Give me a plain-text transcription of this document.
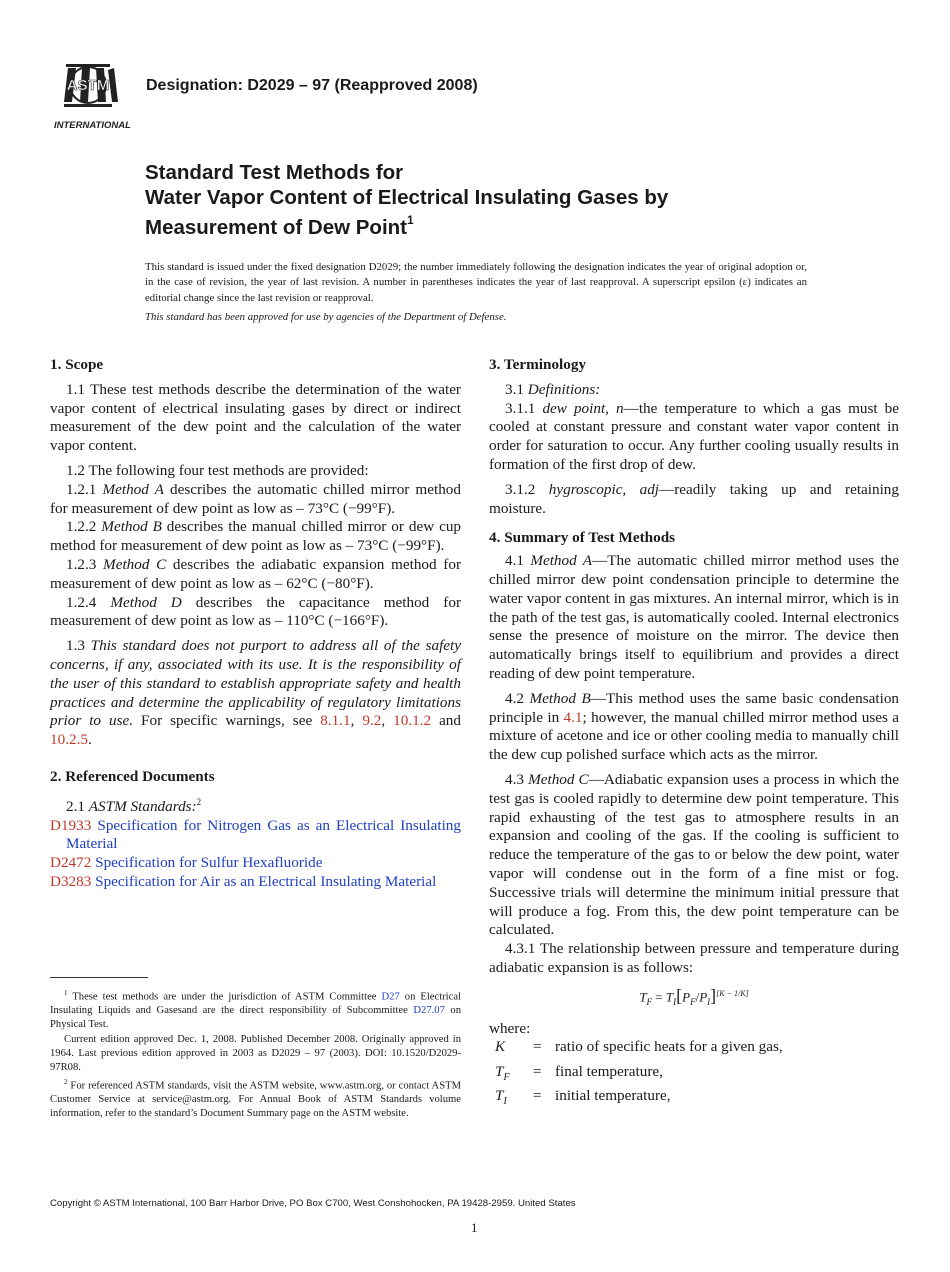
ASTM
INTERNATIONAL
Designation: D2029 – 97 (Reapproved 2008)
Standard Test Methods for
Water Vapor Content of Electrical Insulating Gases by
Measurement of Dew Point$^1$
This standard is issued under the fixed designation D2029; the number immediately following the designation indicates the year of original adoption or, in the case of revision, the year of last revision. A number in parentheses indicates the year of last reapproval. A superscript epsilon (ε) indicates an editorial change since the last revision or reapproval.
This standard has been approved for use by agencies of the Department of Defense.
1. Scope

1.1 These test methods describe the determination of the water vapor content of electrical insulating gases by direct or indirect measurement of the dew point and the calculation of the water vapor content.

1.2 The following four test methods are provided:

1.2.1 Method A describes the automatic chilled mirror method for measurement of dew point as low as – 73°C (−99°F).

1.2.2 Method B describes the manual chilled mirror or dew cup method for measurement of dew point as low as – 73°C (−99°F).

1.2.3 Method C describes the adiabatic expansion method for measurement of dew point as low as – 62°C (−80°F).

1.2.4 Method D describes the capacitance method for measurement of dew point as low as – 110°C (−166°F).

1.3 This standard does not purport to address all of the safety concerns, if any, associated with its use. It is the responsibility of the user of this standard to establish appropriate safety and health practices and determine the applicability of regulatory limitations prior to use. For specific warnings, see 8.1.1, 9.2, 10.1.2 and 10.2.5.

2. Referenced Documents

2.1 ASTM Standards:$^2$

D1933 Specification for Nitrogen Gas as an Electrical Insulating Material

D2472 Specification for Sulfur Hexafluoride

D3283 Specification for Air as an Electrical Insulating Material

$^1$ These test methods are under the jurisdiction of ASTM Committee D27 on Electrical Insulating Liquids and Gasesand are the direct responsibility of Subcommittee D27.07 on Physical Test.

Current edition approved Dec. 1, 2008. Published December 2008. Originally approved in 1964. Last previous edition approved in 2003 as D2029 – 97 (2003). DOI: 10.1520/D2029-97R08.

$^2$ For referenced ASTM standards, visit the ASTM website, www.astm.org, or contact ASTM Customer Service at service@astm.org. For Annual Book of ASTM Standards volume information, refer to the standard’s Document Summary page on the ASTM website.

3. Terminology

3.1 Definitions:

3.1.1 dew point, n—the temperature to which a gas must be cooled at constant pressure and constant water vapor content in order for saturation to occur. Any further cooling usually results in formation of the first drop of dew.

3.1.2 hygroscopic, adj—readily taking up and retaining moisture.

4. Summary of Test Methods

4.1 Method A—The automatic chilled mirror method uses the chilled mirror dew point condensation principle to determine the water vapor content in gas mixtures. An internal mirror, which is in the path of the test gas, is automatically cooled. Internal electronics sense the presence of moisture on the mirror. The device then automatically brings itself to equilibrium and provides a direct reading of dew point temperature.

4.2 Method B—This method uses the same basic condensation principle in 4.1; however, the manual chilled mirror method uses a mixture of acetone and ice or other cooling media to manually chill the dew cup polished surface which acts as the mirror.

4.3 Method C—Adiabatic expansion uses a process in which the test gas is cooled rapidly to determine dew point temperature. This rapid exhausting of the test gas to atmosphere results in an expansion and cooling of the gas. If the cooling is sufficient to reduce the temperature of the gas to or below the dew point, water vapor will condense out in the form of a fine mist or fog. Successive trials will determine the minimum initial pressure that will produce a fog. From this, the dew point temperature can be calculated.

4.3.1 The relationship between pressure and temperature during adiabatic expansion is as follows:

$T_F = T_I[P_F/P_I][K - 1/K]$

where:

K	= ratio of specific heats for a given gas,
$T_F$	= final temperature,
$T_I$	= initial temperature,
Copyright © ASTM International, 100 Barr Harbor Drive, PO Box C700, West Conshohocken, PA 19428-2959. United States
1
